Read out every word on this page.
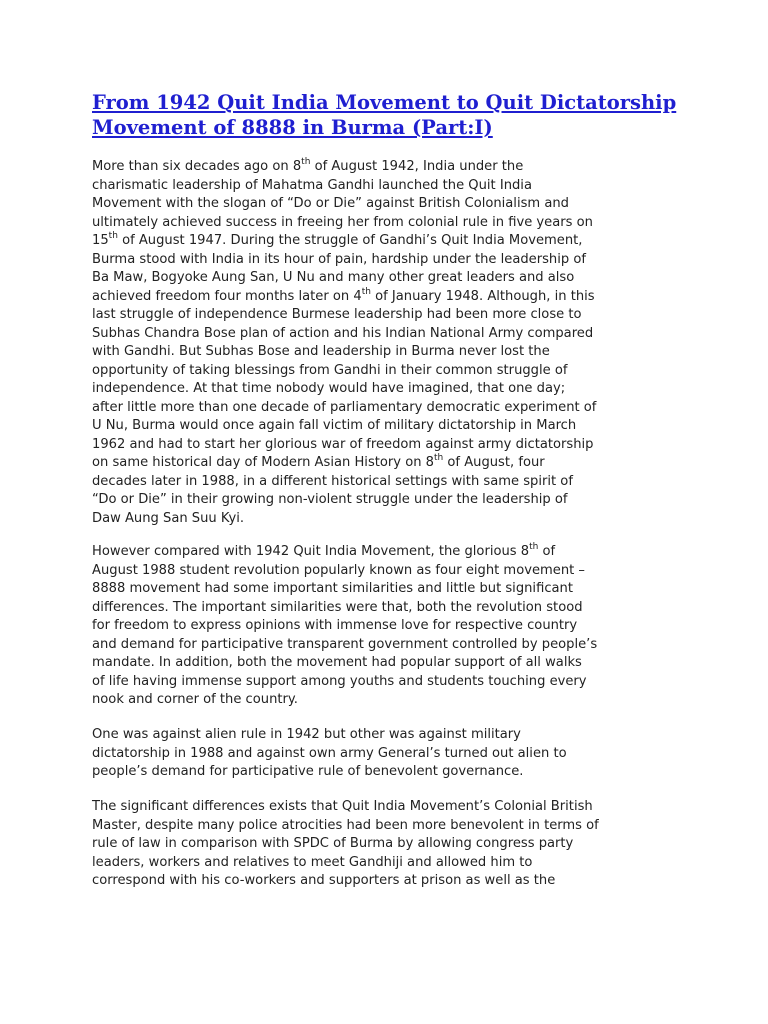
From 1942 Quit India Movement to Quit Dictatorship
Movement of 8888 in Burma (Part:I)

More than six decades ago on 8th of August 1942, India under the
charismatic leadership of Mahatma Gandhi launched the Quit India
Movement with the slogan of “Do or Die” against British Colonialism and
ultimately achieved success in freeing her from colonial rule in five years on
15th of August 1947. During the struggle of Gandhi’s Quit India Movement,
Burma stood with India in its hour of pain, hardship under the leadership of
Ba Maw, Bogyoke Aung San, U Nu and many other great leaders and also
achieved freedom four months later on 4th of January 1948. Although, in this
last struggle of independence Burmese leadership had been more close to
Subhas Chandra Bose plan of action and his Indian National Army compared
with Gandhi. But Subhas Bose and leadership in Burma never lost the
opportunity of taking blessings from Gandhi in their common struggle of
independence. At that time nobody would have imagined, that one day;
after little more than one decade of parliamentary democratic experiment of
U Nu, Burma would once again fall victim of military dictatorship in March
1962 and had to start her glorious war of freedom against army dictatorship
on same historical day of Modern Asian History on 8th of August, four
decades later in 1988, in a different historical settings with same spirit of
“Do or Die” in their growing non-violent struggle under the leadership of
Daw Aung San Suu Kyi.

However compared with 1942 Quit India Movement, the glorious 8th of
August 1988 student revolution popularly known as four eight movement –
8888 movement had some important similarities and little but significant
differences. The important similarities were that, both the revolution stood
for freedom to express opinions with immense love for respective country
and demand for participative transparent government controlled by people’s
mandate. In addition, both the movement had popular support of all walks
of life having immense support among youths and students touching every
nook and corner of the country.

One was against alien rule in 1942 but other was against military
dictatorship in 1988 and against own army General’s turned out alien to
people’s demand for participative rule of benevolent governance.

The significant differences exists that Quit India Movement’s Colonial British
Master, despite many police atrocities had been more benevolent in terms of
rule of law in comparison with SPDC of Burma by allowing congress party
leaders, workers and relatives to meet Gandhiji and allowed him to
correspond with his co-workers and supporters at prison as well as the
